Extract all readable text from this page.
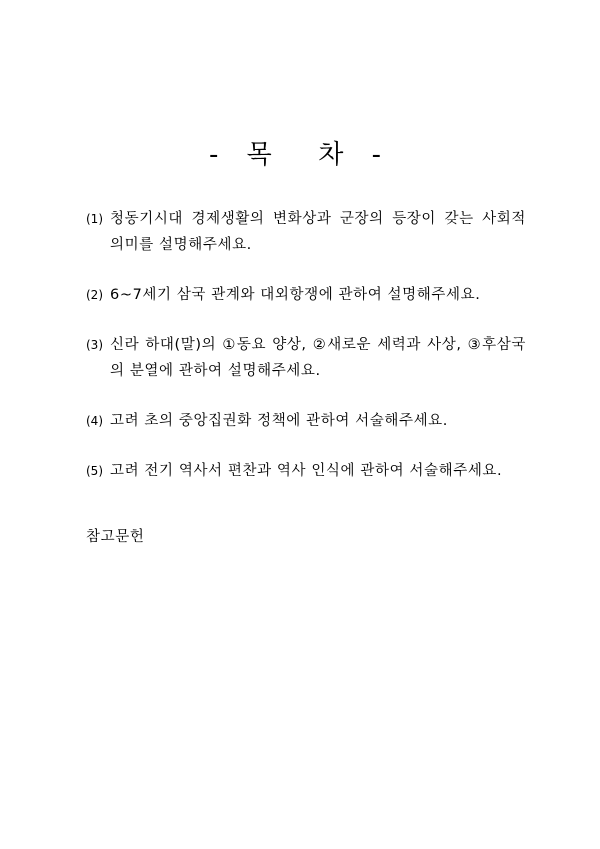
- 목  차 -
(1) 청동기시대 경제생활의 변화상과 군장의 등장이 갖는 사회적 의미를 설명해주세요.
(2) 6~7세기 삼국 관계와 대외항쟁에 관하여 설명해주세요.
(3) 신라 하대(말)의 ①동요 양상, ②새로운 세력과 사상, ③후삼국의 분열에 관하여 설명해주세요.
(4) 고려 초의 중앙집권화 정책에 관하여 서술해주세요.
(5) 고려 전기 역사서 편찬과 역사 인식에 관하여 서술해주세요.
참고문헌
